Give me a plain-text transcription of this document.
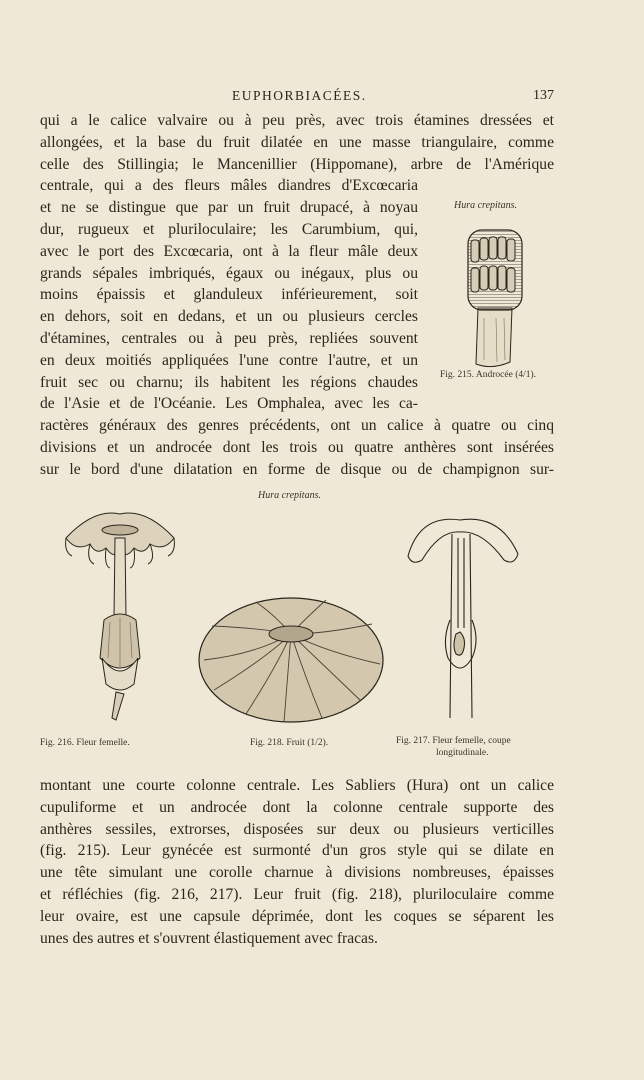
EUPHORBIACÉES.	137

qui a le calice valvaire ou à peu près, avec trois étamines dressées et

allongées, et la base du fruit dilatée en une masse triangulaire, comme

celle des Stillingia; le Mancenillier (Hippomane), arbre de l'Amérique

centrale, qui a des fleurs mâles diandres d'Excœcaria

et ne se distingue que par un fruit drupacé, à noyau

dur, rugueux et pluriloculaire; les Carumbium, qui,

avec le port des Excœcaria, ont à la fleur mâle deux

grands sépales imbriqués, égaux ou inégaux, plus ou

moins épaissis et glanduleux inférieurement, soit

en dehors, soit en dedans, et un ou plusieurs cercles

d'étamines, centrales ou à peu près, repliées souvent

en deux moitiés appliquées l'une contre l'autre, et un

fruit sec ou charnu; ils habitent les régions chaudes

de l'Asie et de l'Océanie. Les Omphalea, avec les ca-

ractères généraux des genres précédents, ont un calice à quatre ou cinq

divisions et un androcée dont les trois ou quatre anthères sont insérées

sur le bord d'une dilatation en forme de disque ou de champignon sur-

Hura crepitans.
Fig. 215. Androcée (4/1).
Hura crepitans.
Fig. 216. Fleur femelle.	Fig. 218. Fruit (1/2).	Fig. 217. Fleur femelle, coupe
longitudinale.

montant une courte colonne centrale. Les Sabliers (Hura) ont un calice

cupuliforme et un androcée dont la colonne centrale supporte des

anthères sessiles, extrorses, disposées sur deux ou plusieurs verticilles

(fig. 215). Leur gynécée est surmonté d'un gros style qui se dilate en

une tête simulant une corolle charnue à divisions nombreuses, épaisses

et réfléchies (fig. 216, 217). Leur fruit (fig. 218), pluriloculaire comme

leur ovaire, est une capsule déprimée, dont les coques se séparent les

unes des autres et s'ouvrent élastiquement avec fracas.
